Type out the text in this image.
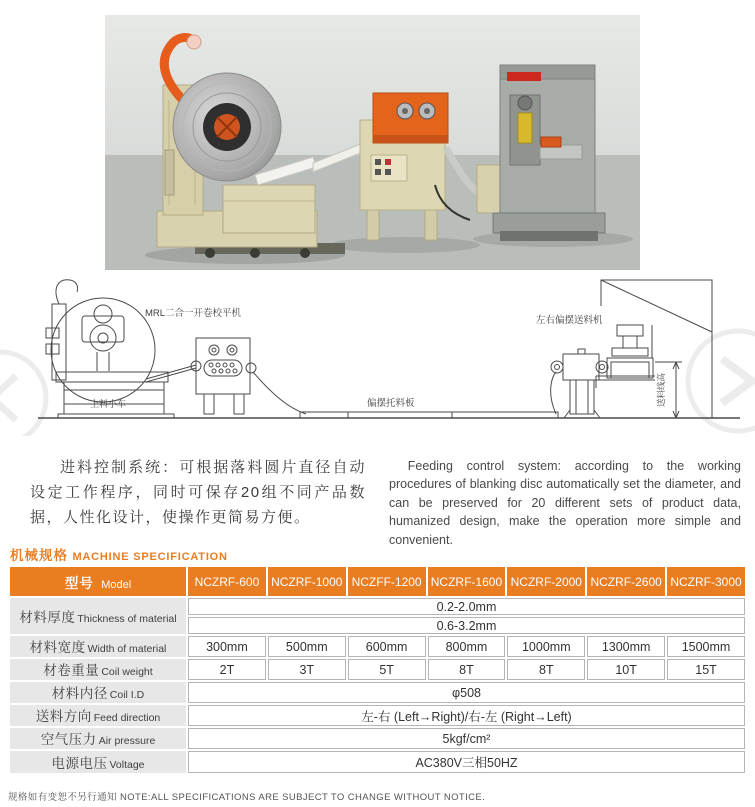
MRL二合一开卷校平机
上料小车	偏摆托料板
左右偏摆送料机
送料线高

进料控制系统：可根据落料圆片直径自动设定工作程序，同时可保存20组不同产品数据，人性化设计，使操作更简易方便。

Feeding control system: according to the working procedures of blanking disc automatically set the diameter, and can be preserved for 20 different sets of product data, humanized design, make the operation more simple and convenient.

机械规格 MACHINE SPECIFICATION
型号 Model	NCZRF-600	NCZRF-1000	NCZFF-1200	NCZRF-1600	NCZRF-2000	NCZRF-2600	NCZRF-3000
材料厚度 Thickness of material	0.2-2.0mm						
	0.6-3.2mm						
材料宽度 Width of material	300mm	500mm	600mm	800mm	1000mm	1300mm	1500mm
材卷重量 Coil weight	2T	3T	5T	8T	8T	10T	15T
材料内径 Coil I.D	φ508						
送料方向 Feed direction	左-右 (Left→Right)/右-左 (Right→Left)						
空气压力 Air pressure	5kgf/cm²						
电源电压 Voltage	AC380V三相50HZ						
规格如有变恕不另行通知 NOTE:ALL SPECIFICATIONS ARE SUBJECT TO CHANGE WITHOUT NOTICE.
